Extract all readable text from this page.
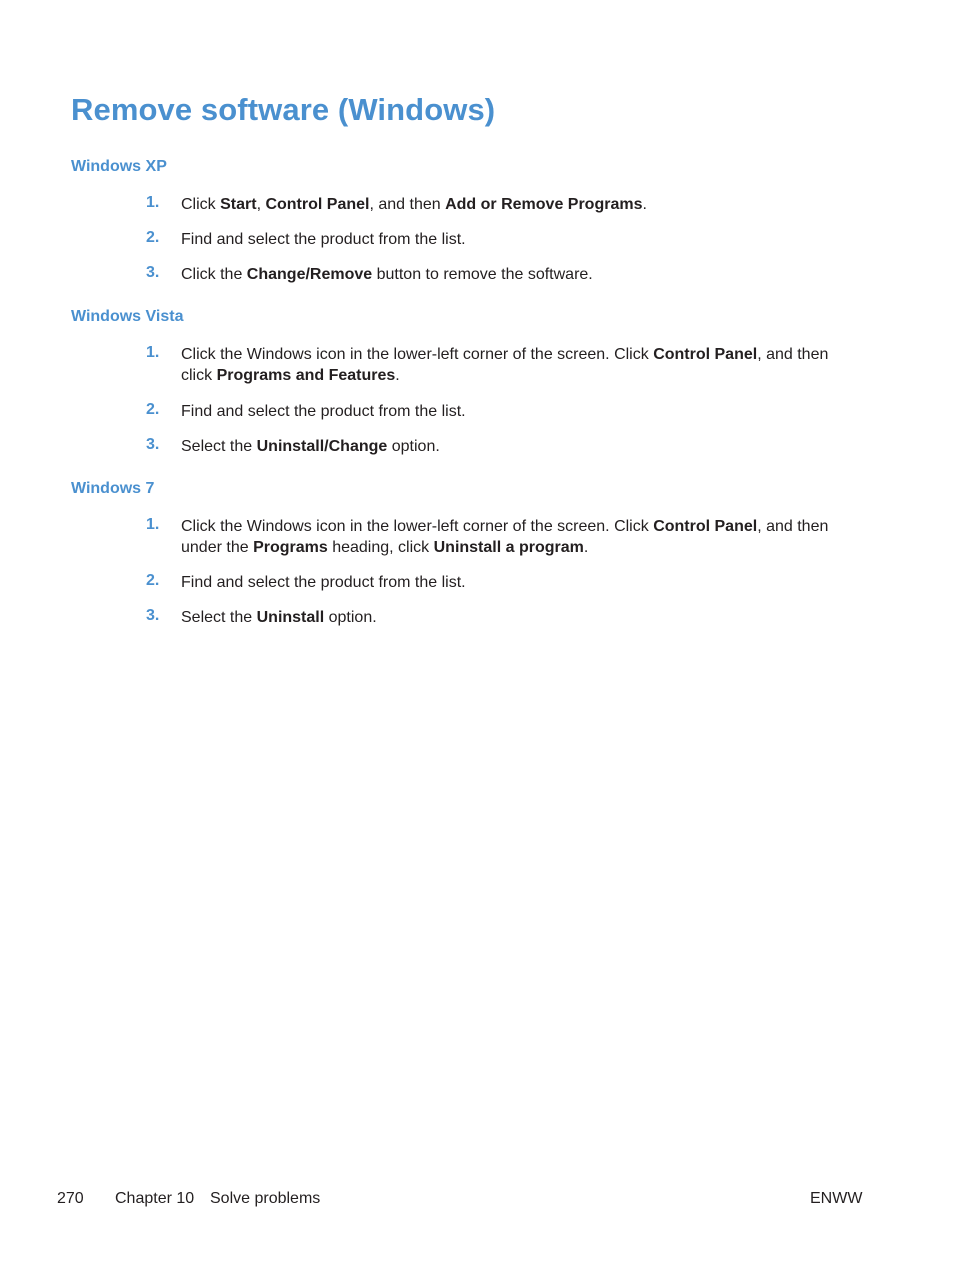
Remove software (Windows)
Windows XP
1. Click Start, Control Panel, and then Add or Remove Programs.
2. Find and select the product from the list.
3. Click the Change/Remove button to remove the software.
Windows Vista
1. Click the Windows icon in the lower-left corner of the screen. Click Control Panel, and then click Programs and Features.
2. Find and select the product from the list.
3. Select the Uninstall/Change option.
Windows 7
1. Click the Windows icon in the lower-left corner of the screen. Click Control Panel, and then under the Programs heading, click Uninstall a program.
2. Find and select the product from the list.
3. Select the Uninstall option.
270 Chapter 10 Solve problems	ENWW
